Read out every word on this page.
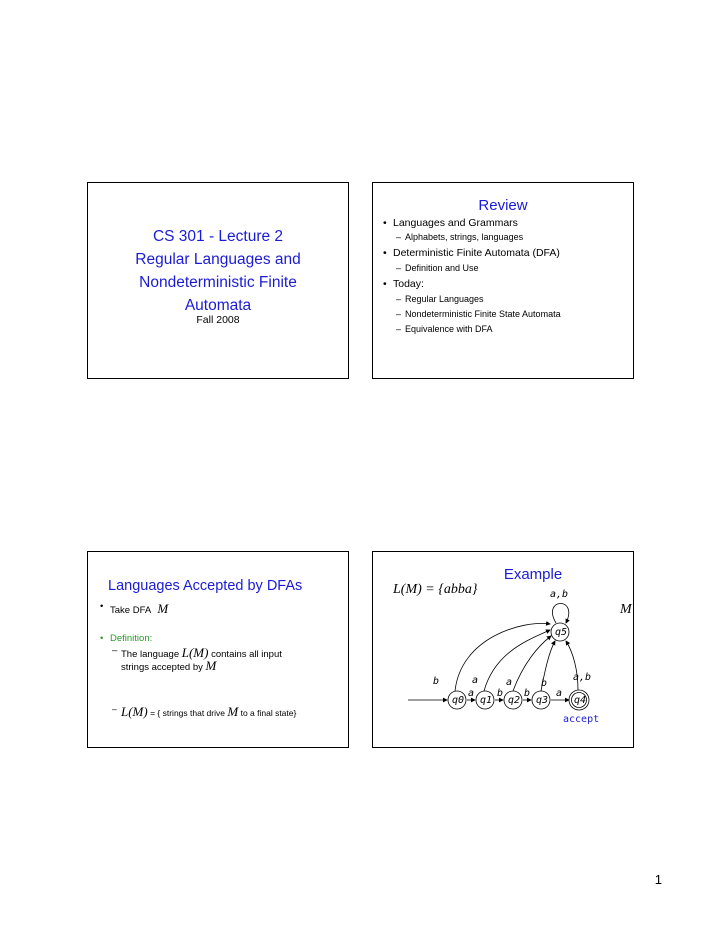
CS 301 - Lecture 2
Regular Languages and
Nondeterministic Finite
Automata
Fall 2008
Review
• Languages and Grammars
– Alphabets, strings, languages
• Deterministic Finite Automata (DFA)
– Definition and Use
• Today:
– Regular Languages
– Nondeterministic Finite State Automata
– Equivalence with DFA
Languages Accepted by DFAs
• Take DFA M
• Definition:
– The language L(M) contains all input
strings accepted by M
– L(M) = { strings that drive M to a final state}
Example
L(M) = {abba}
M
q0 q1 q2 q3	q4
q5
a b b	a
b	a	a	b
a,b
a,b
accept
1
